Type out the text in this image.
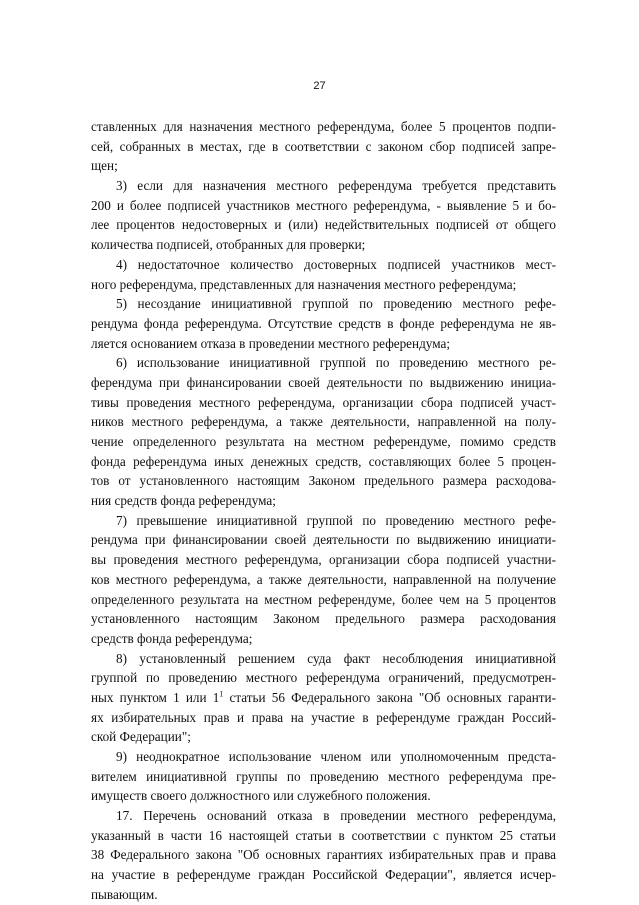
27
ставленных для назначения местного референдума, более 5 процентов подпи-
сей, собранных в местах, где в соответствии с законом сбор подписей запре-
щен;
3) если для назначения местного референдума требуется представить
200 и более подписей участников местного референдума, - выявление 5 и бо-
лее процентов недостоверных и (или) недействительных подписей от общего
количества подписей, отобранных для проверки;
4) недостаточное количество достоверных подписей участников мест-
ного референдума, представленных для назначения местного референдума;
5) несоздание инициативной группой по проведению местного рефе-
рендума фонда референдума. Отсутствие средств в фонде референдума не яв-
ляется основанием отказа в проведении местного референдума;
6) использование инициативной группой по проведению местного ре-
ферендума при финансировании своей деятельности по выдвижению инициа-
тивы проведения местного референдума, организации сбора подписей участ-
ников местного референдума, а также деятельности, направленной на полу-
чение определенного результата на местном референдуме, помимо средств
фонда референдума иных денежных средств, составляющих более 5 процен-
тов от установленного настоящим Законом предельного размера расходова-
ния средств фонда референдума;
7) превышение инициативной группой по проведению местного рефе-
рендума при финансировании своей деятельности по выдвижению инициати-
вы проведения местного референдума, организации сбора подписей участни-
ков местного референдума, а также деятельности, направленной на получение
определенного результата на местном референдуме, более чем на 5 процентов
установленного настоящим Законом предельного размера расходования
средств фонда референдума;
8) установленный решением суда факт несоблюдения инициативной
группой по проведению местного референдума ограничений, предусмотрен-
ных пунктом 1 или $1^1$ статьи 56 Федерального закона "Об основных гаранти-
ях избирательных прав и права на участие в референдуме граждан Россий-
ской Федерации";
9) неоднократное использование членом или уполномоченным предста-
вителем инициативной группы по проведению местного референдума пре-
имуществ своего должностного или служебного положения.
17. Перечень оснований отказа в проведении местного референдума,
указанный в части 16 настоящей статьи в соответствии с пунктом 25 статьи
38 Федерального закона "Об основных гарантиях избирательных прав и права
на участие в референдуме граждан Российской Федерации", является исчер-
пывающим.
